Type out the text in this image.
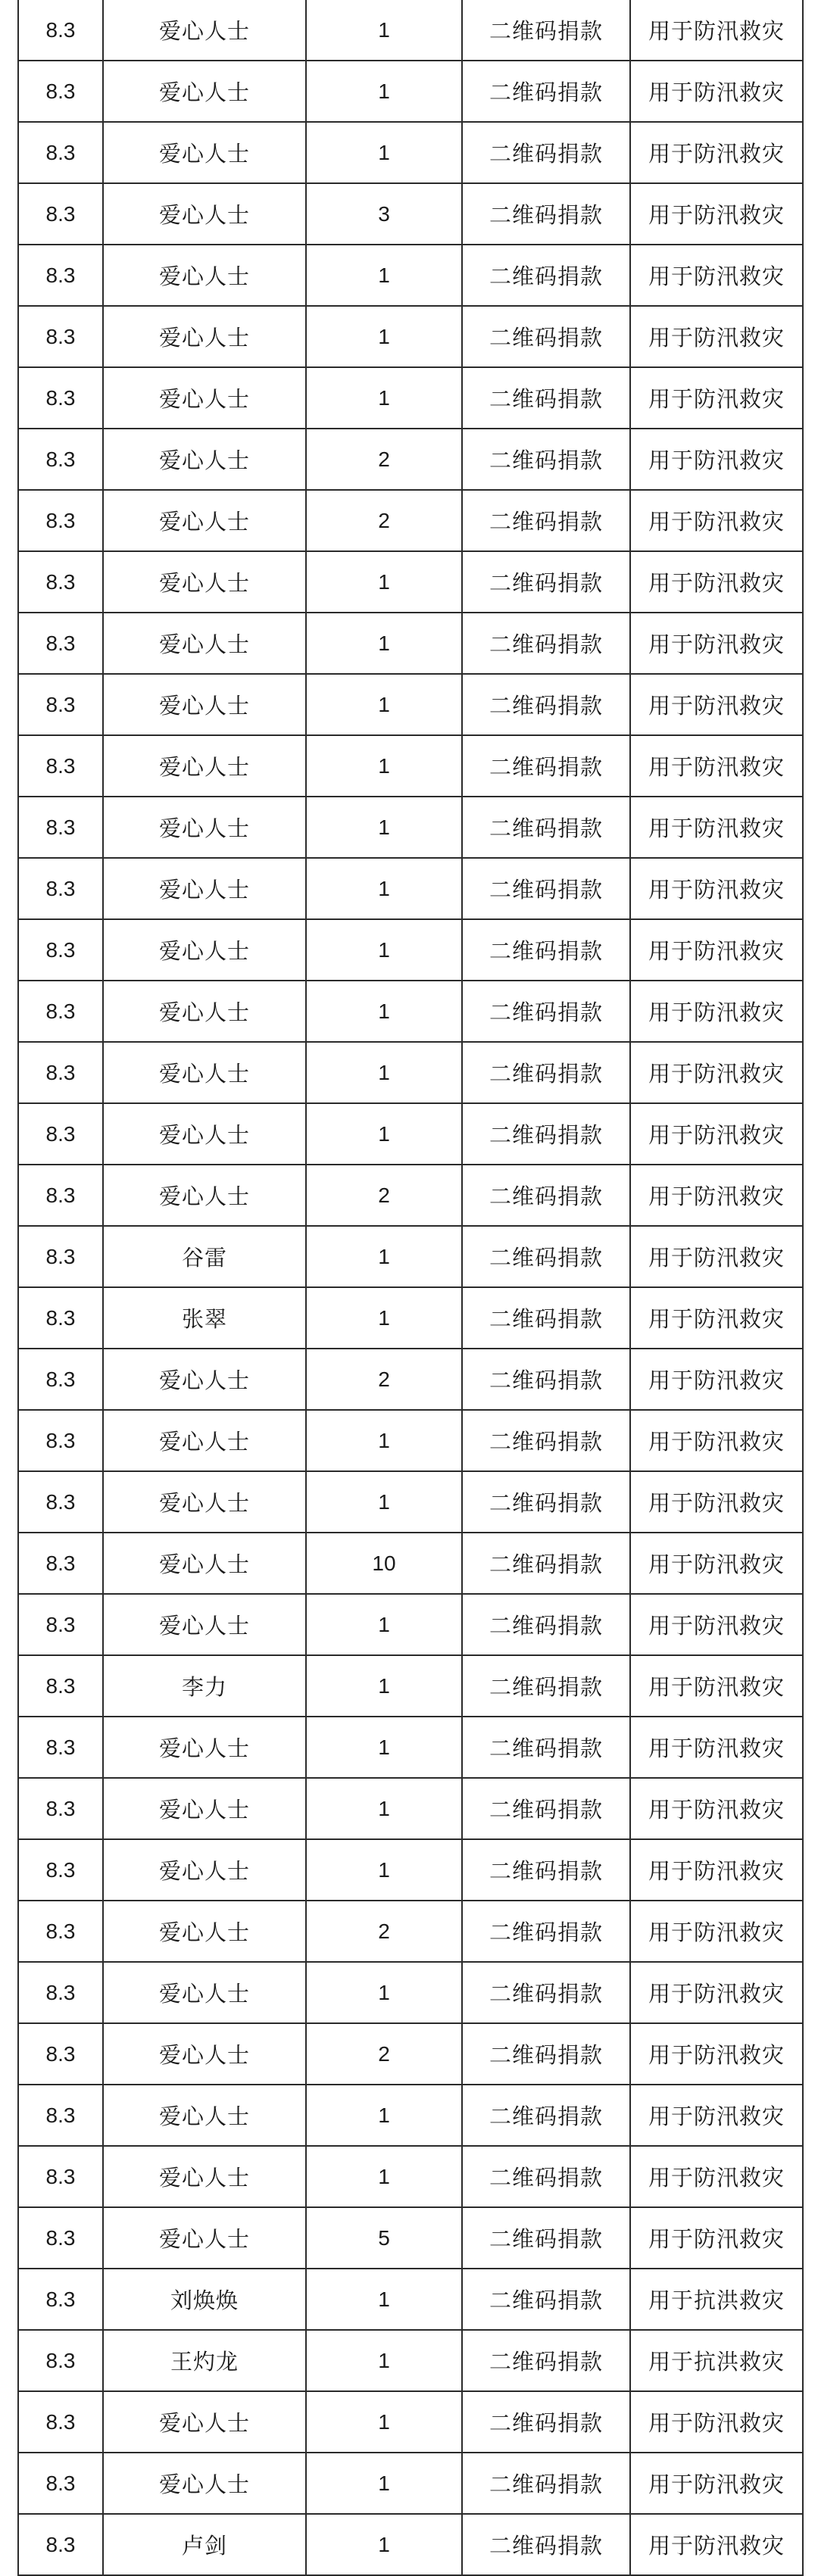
8.3	爱心人士	1	二维码捐款	用于防汛救灾
8.3	爱心人士	1	二维码捐款	用于防汛救灾
8.3	爱心人士	1	二维码捐款	用于防汛救灾
8.3	爱心人士	3	二维码捐款	用于防汛救灾
8.3	爱心人士	1	二维码捐款	用于防汛救灾
8.3	爱心人士	1	二维码捐款	用于防汛救灾
8.3	爱心人士	1	二维码捐款	用于防汛救灾
8.3	爱心人士	2	二维码捐款	用于防汛救灾
8.3	爱心人士	2	二维码捐款	用于防汛救灾
8.3	爱心人士	1	二维码捐款	用于防汛救灾
8.3	爱心人士	1	二维码捐款	用于防汛救灾
8.3	爱心人士	1	二维码捐款	用于防汛救灾
8.3	爱心人士	1	二维码捐款	用于防汛救灾
8.3	爱心人士	1	二维码捐款	用于防汛救灾
8.3	爱心人士	1	二维码捐款	用于防汛救灾
8.3	爱心人士	1	二维码捐款	用于防汛救灾
8.3	爱心人士	1	二维码捐款	用于防汛救灾
8.3	爱心人士	1	二维码捐款	用于防汛救灾
8.3	爱心人士	1	二维码捐款	用于防汛救灾
8.3	爱心人士	2	二维码捐款	用于防汛救灾
8.3	谷雷	1	二维码捐款	用于防汛救灾
8.3	张翠	1	二维码捐款	用于防汛救灾
8.3	爱心人士	2	二维码捐款	用于防汛救灾
8.3	爱心人士	1	二维码捐款	用于防汛救灾
8.3	爱心人士	1	二维码捐款	用于防汛救灾
8.3	爱心人士	10	二维码捐款	用于防汛救灾
8.3	爱心人士	1	二维码捐款	用于防汛救灾
8.3	李力	1	二维码捐款	用于防汛救灾
8.3	爱心人士	1	二维码捐款	用于防汛救灾
8.3	爱心人士	1	二维码捐款	用于防汛救灾
8.3	爱心人士	1	二维码捐款	用于防汛救灾
8.3	爱心人士	2	二维码捐款	用于防汛救灾
8.3	爱心人士	1	二维码捐款	用于防汛救灾
8.3	爱心人士	2	二维码捐款	用于防汛救灾
8.3	爱心人士	1	二维码捐款	用于防汛救灾
8.3	爱心人士	1	二维码捐款	用于防汛救灾
8.3	爱心人士	5	二维码捐款	用于防汛救灾
8.3	刘焕焕	1	二维码捐款	用于抗洪救灾
8.3	王灼龙	1	二维码捐款	用于抗洪救灾
8.3	爱心人士	1	二维码捐款	用于防汛救灾
8.3	爱心人士	1	二维码捐款	用于防汛救灾
8.3	卢剑	1	二维码捐款	用于防汛救灾
